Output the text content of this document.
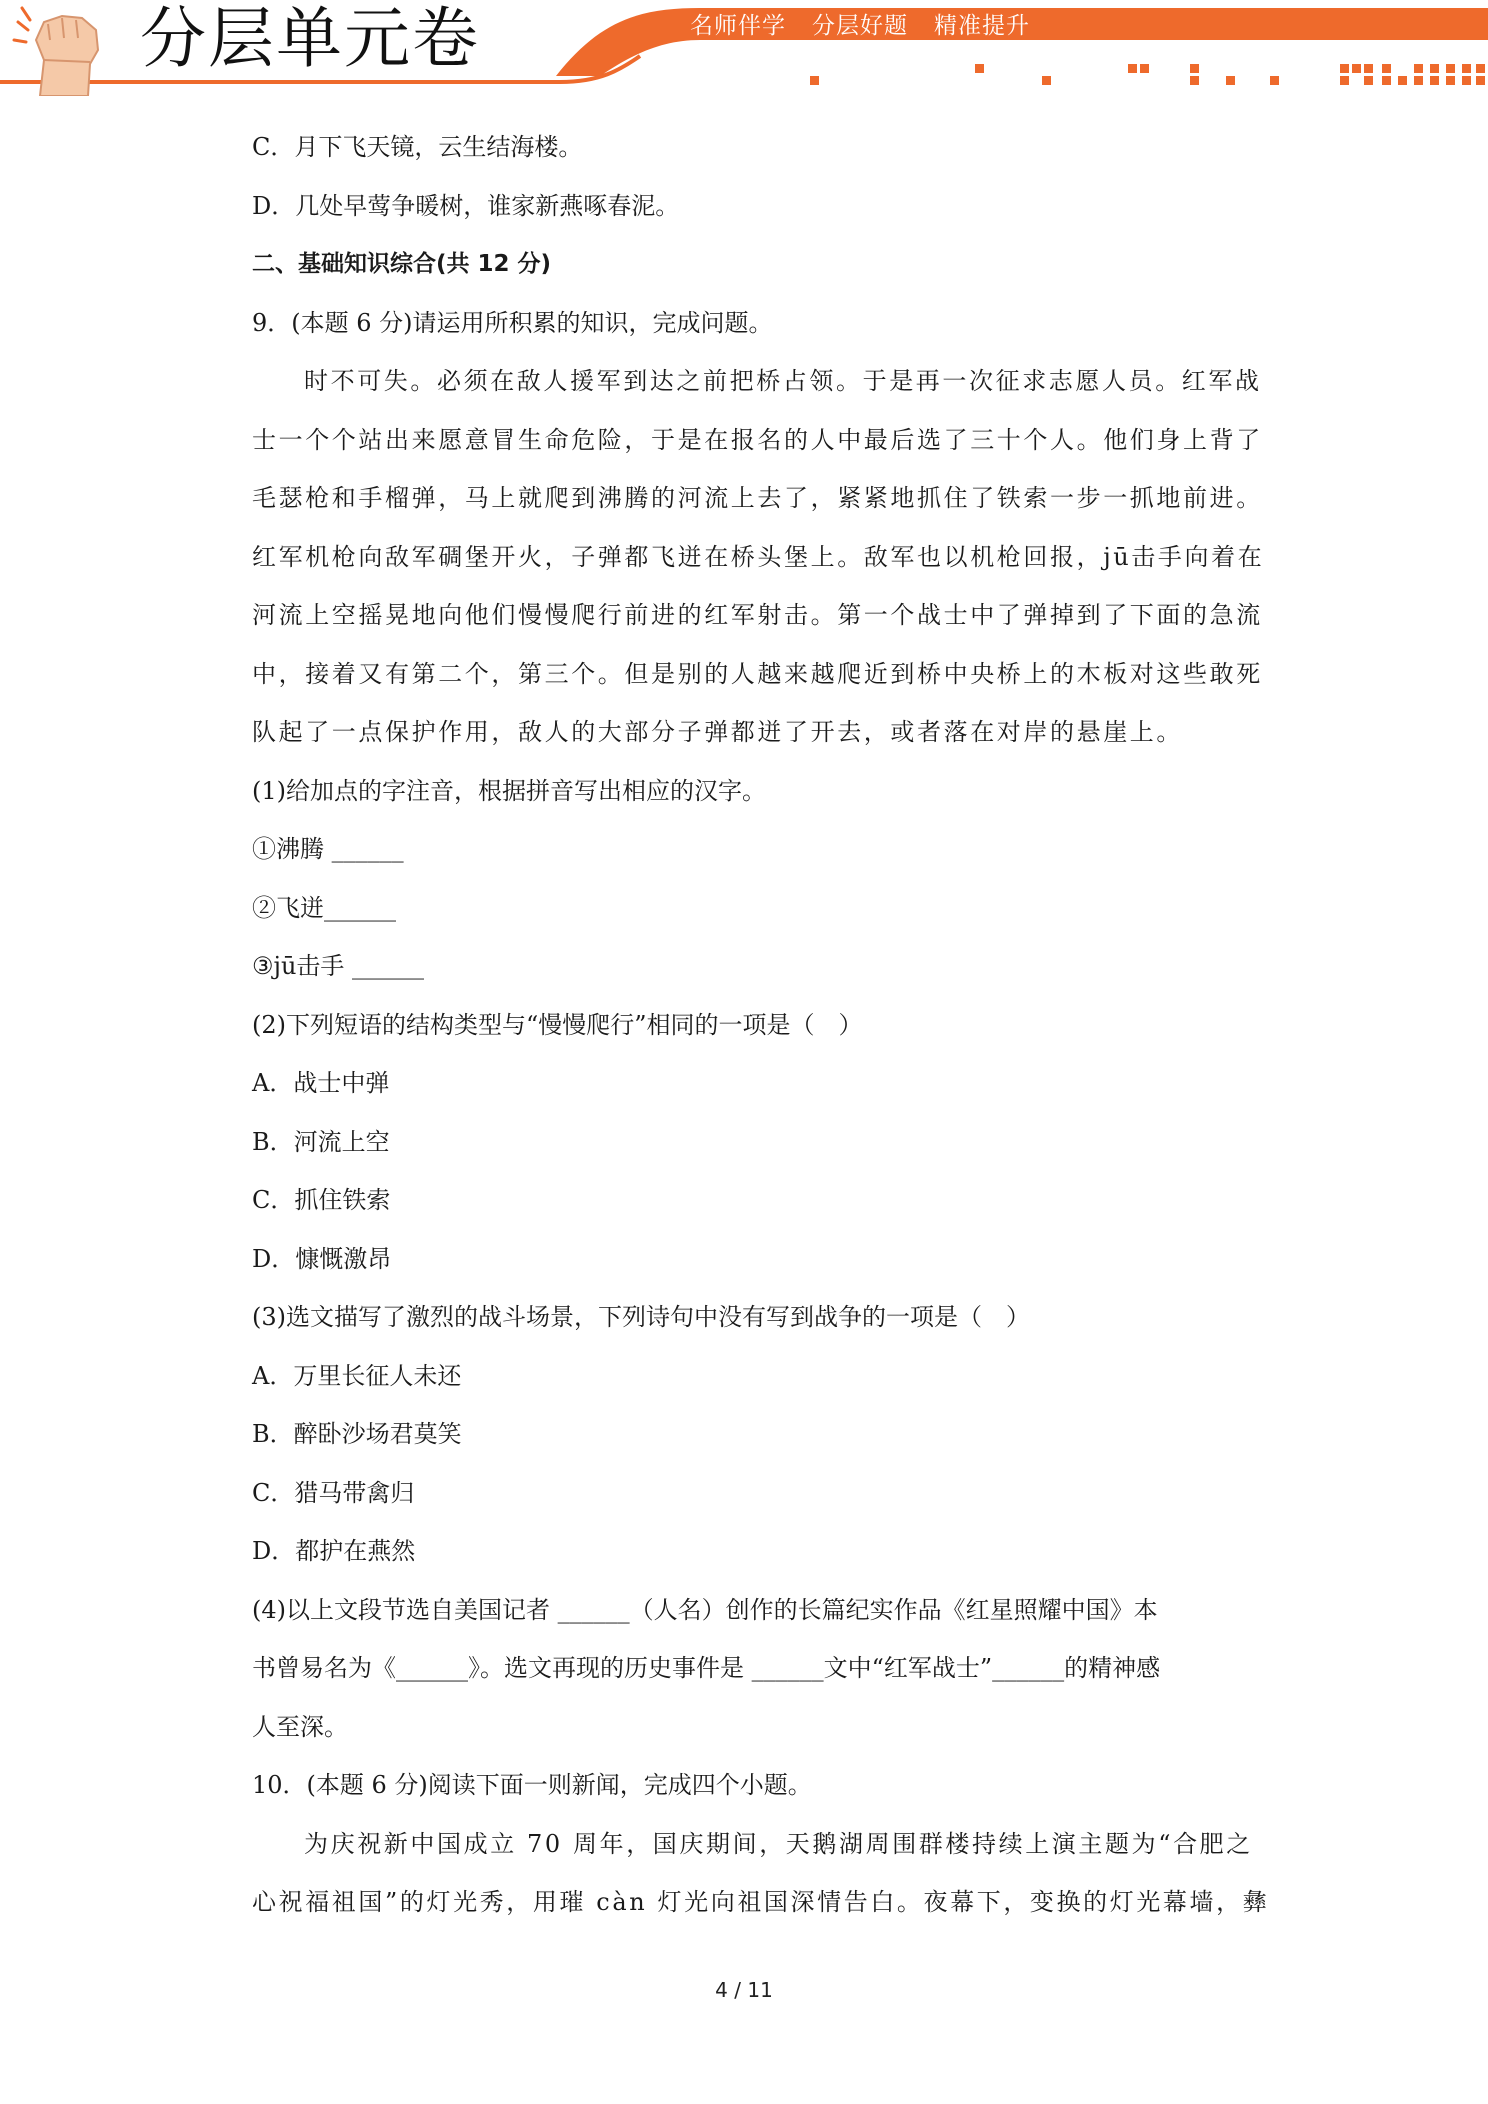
分层单元卷	名师伴学 分层好题 精准提升
C．月下飞天镜，云生结海楼。
D．几处早莺争暖树，谁家新燕啄春泥。
二、基础知识综合(共 12 分)
9．(本题 6 分)请运用所积累的知识，完成问题。
时不可失。必须在敌人援军到达之前把桥占领。于是再一次征求志愿人员。红军战
士一个个站出来愿意冒生命危险，于是在报名的人中最后选了三十个人。他们身上背了
毛瑟枪和手榴弹，马上就爬到沸腾的河流上去了，紧紧地抓住了铁索一步一抓地前进。
红军机枪向敌军碉堡开火，子弹都飞迸在桥头堡上。敌军也以机枪回报，jū击手向着在
河流上空摇晃地向他们慢慢爬行前进的红军射击。第一个战士中了弹掉到了下面的急流
中，接着又有第二个，第三个。但是别的人越来越爬近到桥中央桥上的木板对这些敢死
队起了一点保护作用，敌人的大部分子弹都迸了开去，或者落在对岸的悬崖上。
(1)给加点的字注音，根据拼音写出相应的汉字。
①沸腾 ______
②飞迸______
③jū击手 ______
(2)下列短语的结构类型与“慢慢爬行”相同的一项是（　）
A．战士中弹
B．河流上空
C．抓住铁索
D．慷慨激昂
(3)选文描写了激烈的战斗场景，下列诗句中没有写到战争的一项是（　）
A．万里长征人未还
B．醉卧沙场君莫笑
C．猎马带禽归
D．都护在燕然
(4)以上文段节选自美国记者 ______（人名）创作的长篇纪实作品《红星照耀中国》本
书曾易名为《______》。选文再现的历史事件是 ______文中“红军战士”______的精神感
人至深。
10．(本题 6 分)阅读下面一则新闻，完成四个小题。
为庆祝新中国成立 70 周年，国庆期间，天鹅湖周围群楼持续上演主题为“合肥之
心祝福祖国”的灯光秀，用璀 càn 灯光向祖国深情告白。夜幕下，变换的灯光幕墙，彝
4 / 11
